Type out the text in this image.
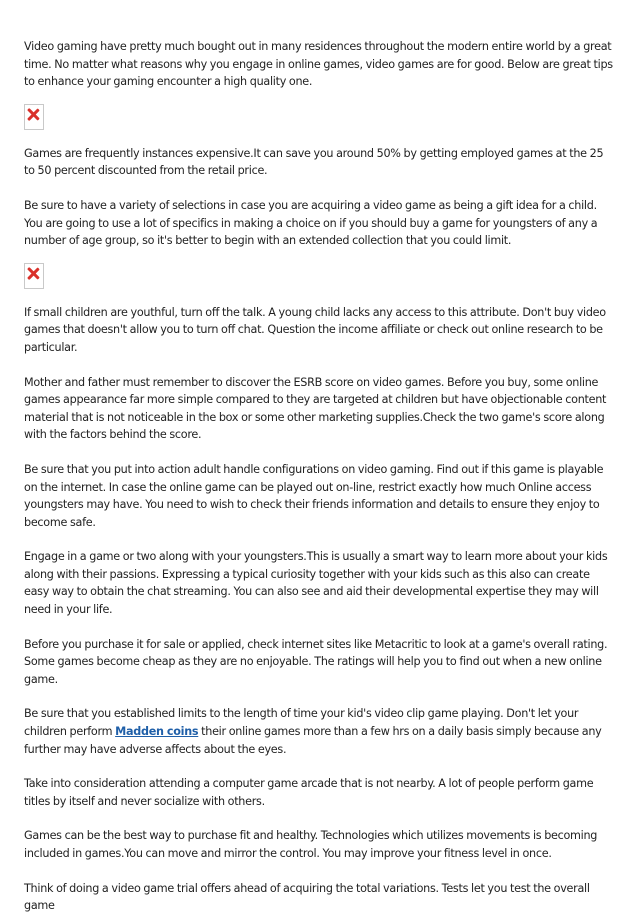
Video gaming have pretty much bought out in many residences throughout the modern entire world by a great time. No matter what reasons why you engage in online games, video games are for good. Below are great tips to enhance your gaming encounter a high quality one.

Games are frequently instances expensive.It can save you around 50% by getting employed games at the 25 to 50 percent discounted from the retail price.

Be sure to have a variety of selections in case you are acquiring a video game as being a gift idea for a child. You are going to use a lot of specifics in making a choice on if you should buy a game for youngsters of any a number of age group, so it's better to begin with an extended collection that you could limit.

If small children are youthful, turn off the talk. A young child lacks any access to this attribute. Don't buy video games that doesn't allow you to turn off chat. Question the income affiliate or check out online research to be particular.

Mother and father must remember to discover the ESRB score on video games. Before you buy, some online games appearance far more simple compared to they are targeted at children but have objectionable content material that is not noticeable in the box or some other marketing supplies.Check the two game's score along with the factors behind the score.

Be sure that you put into action adult handle configurations on video gaming. Find out if this game is playable on the internet. In case the online game can be played out on-line, restrict exactly how much Online access youngsters may have. You need to wish to check their friends information and details to ensure they enjoy to become safe.

Engage in a game or two along with your youngsters.This is usually a smart way to learn more about your kids along with their passions. Expressing a typical curiosity together with your kids such as this also can create easy way to obtain the chat streaming. You can also see and aid their developmental expertise they may will need in your life.

Before you purchase it for sale or applied, check internet sites like Metacritic to look at a game's overall rating. Some games become cheap as they are no enjoyable. The ratings will help you to find out when a new online game.

Be sure that you established limits to the length of time your kid's video clip game playing. Don't let your children perform Madden coins their online games more than a few hrs on a daily basis simply because any further may have adverse affects about the eyes.

Take into consideration attending a computer game arcade that is not nearby. A lot of people perform game titles by itself and never socialize with others.

Games can be the best way to purchase fit and healthy. Technologies which utilizes movements is becoming included in games.You can move and mirror the control. You may improve your fitness level in once.

Think of doing a video game trial offers ahead of acquiring the total variations. Tests let you test the overall game
